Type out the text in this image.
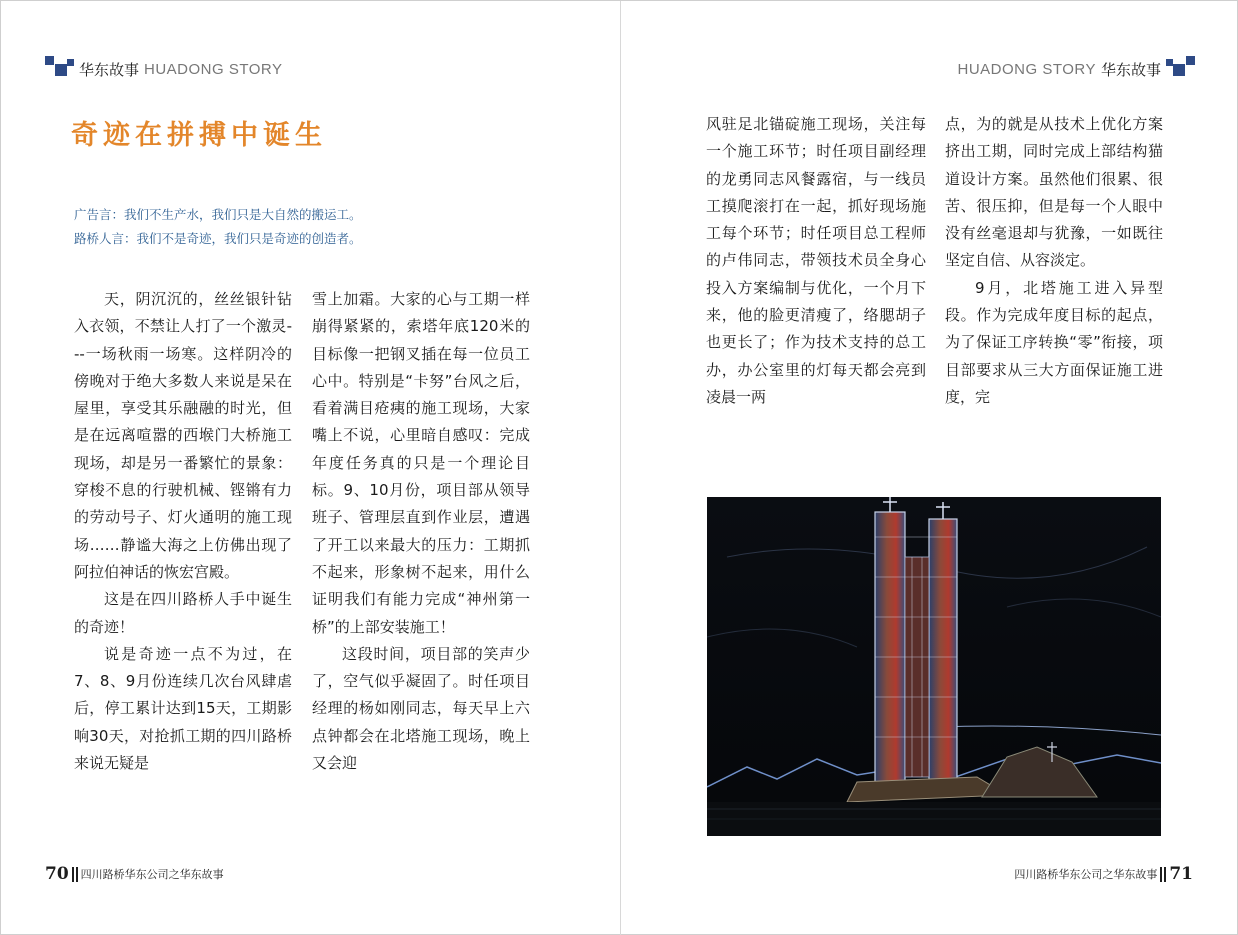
华东故事 HUADONG STORY
奇迹在拼搏中诞生
广告言：我们不生产水，我们只是大自然的搬运工。
路桥人言：我们不是奇迹，我们只是奇迹的创造者。

天，阴沉沉的，丝丝银针钻入衣领，不禁让人打了一个激灵---一场秋雨一场寒。这样阴冷的傍晚对于绝大多数人来说是呆在屋里，享受其乐融融的时光，但是在远离喧嚣的西堠门大桥施工现场，却是另一番繁忙的景象：穿梭不息的行驶机械、铿锵有力的劳动号子、灯火通明的施工现场……静谧大海之上仿佛出现了阿拉伯神话的恢宏宫殿。

这是在四川路桥人手中诞生的奇迹！

说是奇迹一点不为过，在7、8、9月份连续几次台风肆虐后，停工累计达到15天，工期影响30天，对抢抓工期的四川路桥来说无疑是

雪上加霜。大家的心与工期一样崩得紧紧的，索塔年底120米的目标像一把钢叉插在每一位员工心中。特别是“卡努”台风之后，看着满目疮痍的施工现场，大家嘴上不说，心里暗自感叹：完成年度任务真的只是一个理论目标。9、10月份，项目部从领导班子、管理层直到作业层，遭遇了开工以来最大的压力：工期抓不起来，形象树不起来，用什么证明我们有能力完成“神州第一桥”的上部安装施工！

这段时间，项目部的笑声少了，空气似乎凝固了。时任项目经理的杨如刚同志，每天早上六点钟都会在北塔施工现场，晚上又会迎

70 四川路桥华东公司之华东故事
HUADONG STORY 华东故事

风驻足北锚碇施工现场，关注每一个施工环节；时任项目副经理的龙勇同志风餐露宿，与一线员工摸爬滚打在一起，抓好现场施工每个环节；时任项目总工程师的卢伟同志，带领技术员全身心投入方案编制与优化，一个月下来，他的脸更清瘦了，络腮胡子也更长了；作为技术支持的总工办，办公室里的灯每天都会亮到凌晨一两

点，为的就是从技术上优化方案挤出工期，同时完成上部结构猫道设计方案。虽然他们很累、很苦、很压抑，但是每一个人眼中没有丝毫退却与犹豫，一如既往坚定自信、从容淡定。

9月，北塔施工进入异型段。作为完成年度目标的起点，为了保证工序转换“零”衔接，项目部要求从三大方面保证施工进度，完

四川路桥华东公司之华东故事 71
